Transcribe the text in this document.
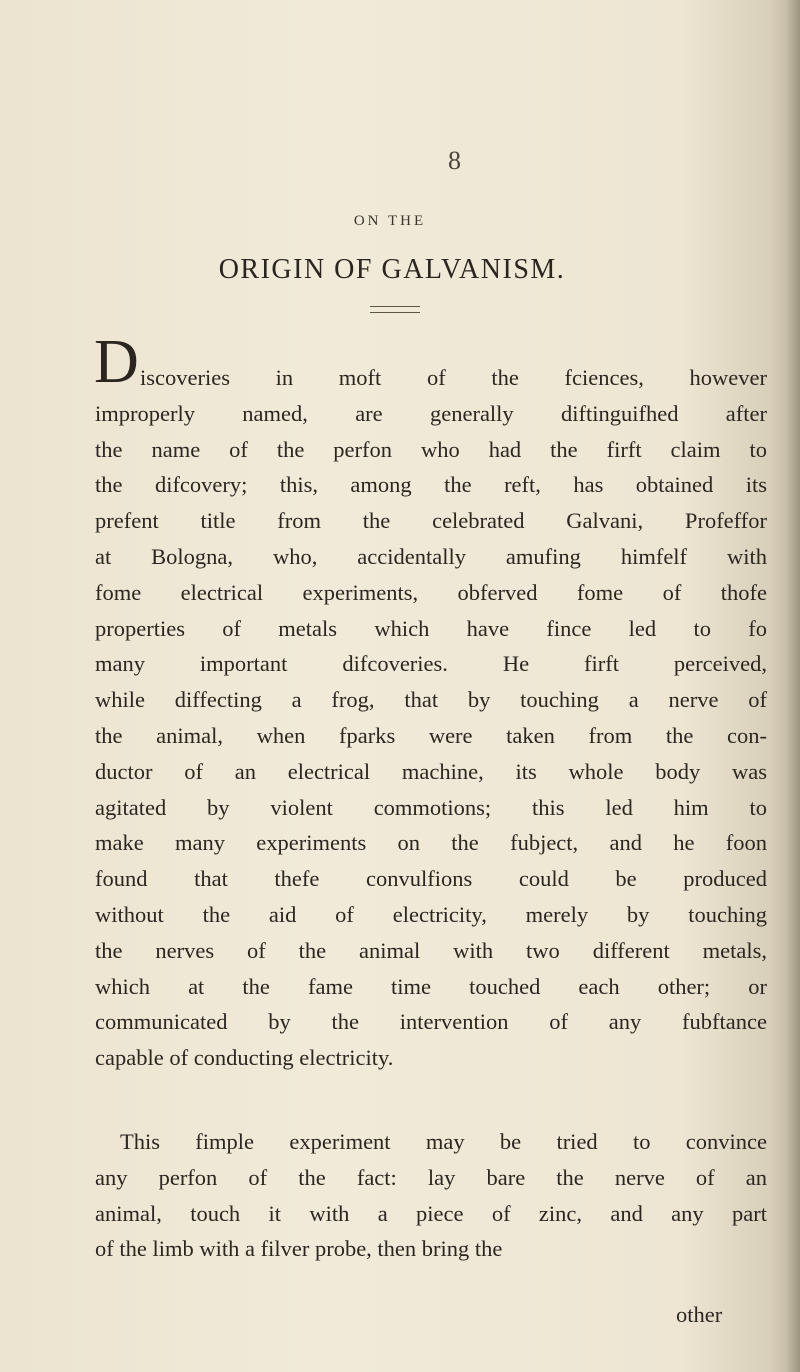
8
ON THE
ORIGIN OF GALVANISM.
D iscoveries in moft of the fciences, however
improperly named, are generally diftinguifhed after
the name of the perfon who had the firft claim to
the difcovery; this, among the reft, has obtained its
prefent title from the celebrated Galvani, Profeffor
at Bologna, who, accidentally amufing himfelf with
fome electrical experiments, obferved fome of thofe
properties of metals which have fince led to fo
many important difcoveries. He firft perceived,
while diffecting a frog, that by touching a nerve of
the animal, when fparks were taken from the con-
ductor of an electrical machine, its whole body was
agitated by violent commotions; this led him to
make many experiments on the fubject, and he foon
found that thefe convulfions could be produced
without the aid of electricity, merely by touching
the nerves of the animal with two different metals,
which at the fame time touched each other; or
communicated by the intervention of any fubftance
capable of conducting electricity.
This fimple experiment may be tried to convince
any perfon of the fact: lay bare the nerve of an
animal, touch it with a piece of zinc, and any part
of the limb with a filver probe, then bring the
other
